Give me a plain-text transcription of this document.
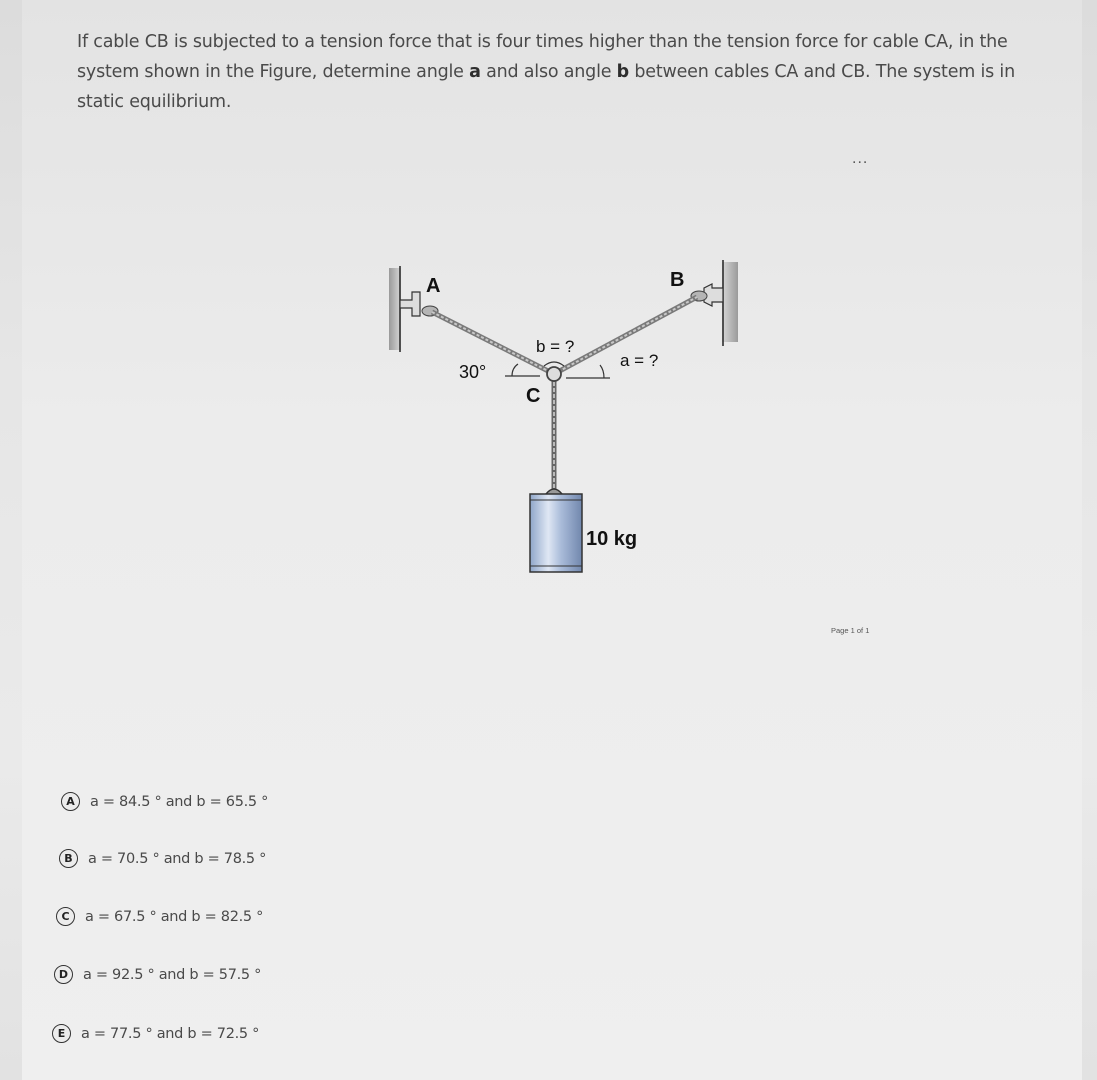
If cable CB is subjected to a tension force that is four times higher than the tension force for cable CA, in the system shown in the Figure, determine angle a and also angle b between cables CA and CB. The system is in static equilibrium.
...
A	B
C
30°
b = ?
a = ?
10 kg
Page 1 of 1
A	a = 84.5 ° and b = 65.5 °
B	a = 70.5 ° and b = 78.5 °
C	a = 67.5 ° and b = 82.5 °
D	a = 92.5 ° and b = 57.5 °
E	a = 77.5 ° and b = 72.5 °
